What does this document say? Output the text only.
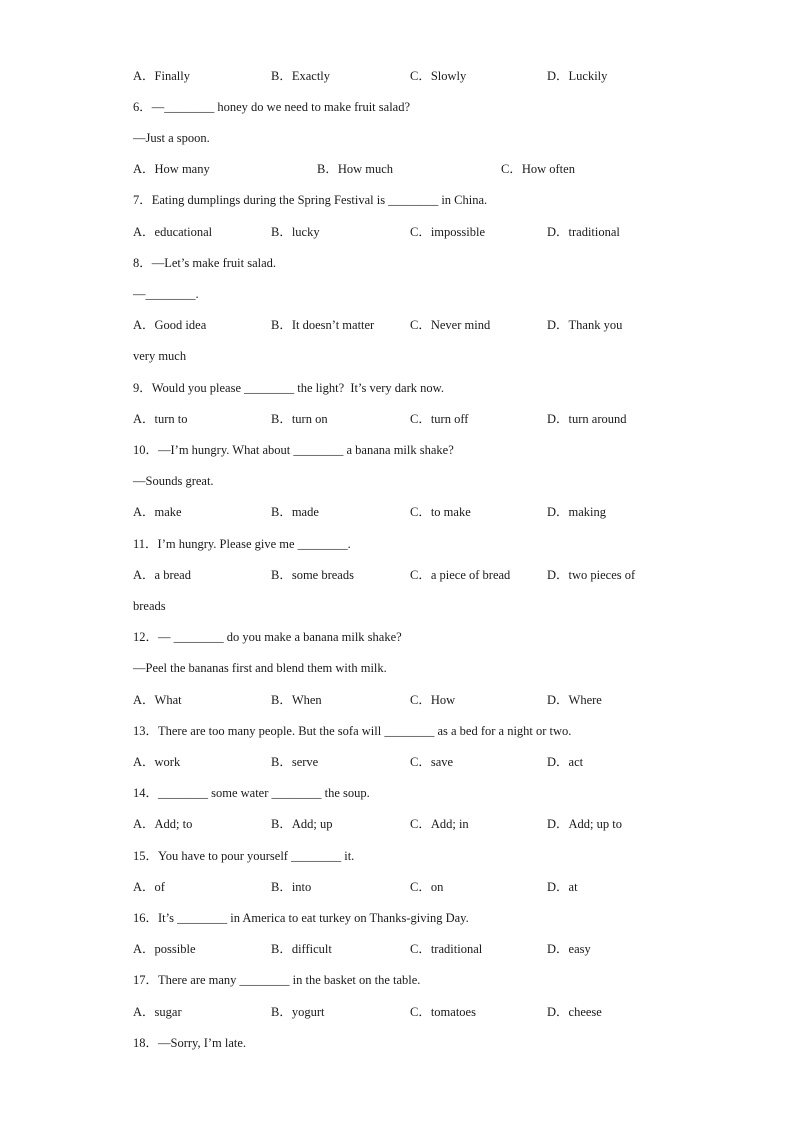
A．Finally	B．Exactly	C．Slowly	D．Luckily
6．—________ honey do we need to make fruit salad?
—Just a spoon.
A．How many	B．How much	C．How often
7．Eating dumplings during the Spring Festival is ________ in China.
A．educational	B．lucky	C．impossible	D．traditional
8．—Let’s make fruit salad.
—________.
A．Good idea	B．It doesn’t matter	C．Never mind	D．Thank you
very much
9．Would you please ________ the light?  It’s very dark now.
A．turn to	B．turn on	C．turn off	D．turn around
10．—I’m hungry. What about ________ a banana milk shake?
—Sounds great.
A．make	B．made	C．to make	D．making
11．I’m hungry. Please give me ________.
A．a bread	B．some breads	C．a piece of bread	D．two pieces of
breads
12．— ________ do you make a banana milk shake?
—Peel the bananas first and blend them with milk.
A．What	B．When	C．How	D．Where
13．There are too many people. But the sofa will ________ as a bed for a night or two.
A．work	B．serve	C．save	D．act
14．________ some water ________ the soup.
A．Add; to	B．Add; up	C．Add; in	D．Add; up to
15．You have to pour yourself ________ it.
A．of	B．into	C．on	D．at
16．It’s ________ in America to eat turkey on Thanks-giving Day.
A．possible	B．difficult	C．traditional	D．easy
17．There are many ________ in the basket on the table.
A．sugar	B．yogurt	C．tomatoes	D．cheese
18．—Sorry, I’m late.
